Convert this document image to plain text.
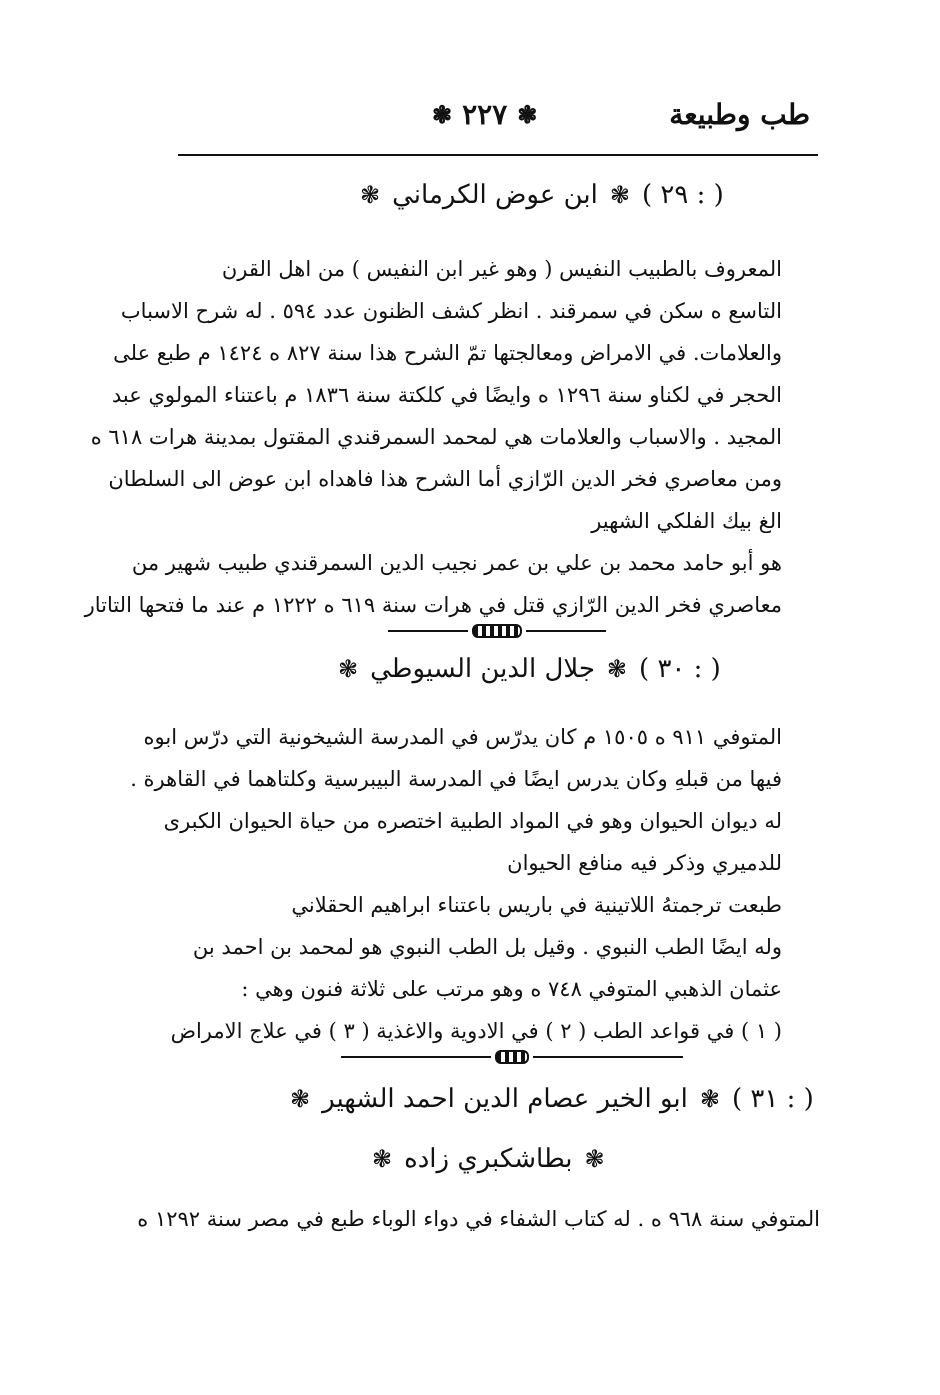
طب وطبيعة
❃ ٢٢٧ ❃
( ٢٩ : )
❃
ابن عوض الكرماني
❃
المعروف بالطبيب النفيس ( وهو غير ابن النفيس ) من اهل القرن
التاسع ه سكن في سمرقند . انظر كشف الظنون عدد ٥٩٤ . له شرح الاسباب
والعلامات. في الامراض ومعالجتها تمّ الشرح هذا سنة ٨٢٧ ه ١٤٢٤ م طبع على
الحجر في لكناو سنة ١٢٩٦ ه وايضًا في كلكتة سنة ١٨٣٦ م باعتناء المولوي عبد
المجيد . والاسباب والعلامات هي لمحمد السمرقندي المقتول بمدينة هرات ٦١٨ ه
ومن معاصري فخر الدين الرّازي أما الشرح هذا فاهداه ابن عوض الى السلطان
الغ بيك الفلكي الشهير
هو أبو حامد محمد بن علي بن عمر نجيب الدين السمرقندي طبيب شهير من
معاصري فخر الدين الرّازي قتل في هرات سنة ٦١٩ ه ١٢٢٢ م عند ما فتحها التاتار
( ٣٠ : )
❃
جلال الدين السيوطي
❃
المتوفي ٩١١ ه ١٥٠٥ م كان يدرّس في المدرسة الشيخونية التي درّس ابوه
فيها من قبلهِ وكان يدرس ايضًا في المدرسة البيبرسية وكلتاهما في القاهرة .
له ديوان الحيوان وهو في المواد الطبية اختصره من حياة الحيوان الكبرى
للدميري وذكر فيه منافع الحيوان
طبعت ترجمتهُ اللاتينية في باريس باعتناء ابراهيم الحقلاني
وله ايضًا الطب النبوي . وقيل بل الطب النبوي هو لمحمد بن احمد بن
عثمان الذهبي المتوفي ٧٤٨ ه وهو مرتب على ثلاثة فنون وهي :
( ١ ) في قواعد الطب ( ٢ ) في الادوية والاغذية ( ٣ ) في علاج الامراض
( ٣١ : )
❃
ابو الخير عصام الدين احمد الشهير
❃
❃
بطاشكبري زاده
❃
المتوفي سنة ٩٦٨ ه . له كتاب الشفاء في دواء الوباء طبع في مصر سنة ١٢٩٢ ه
